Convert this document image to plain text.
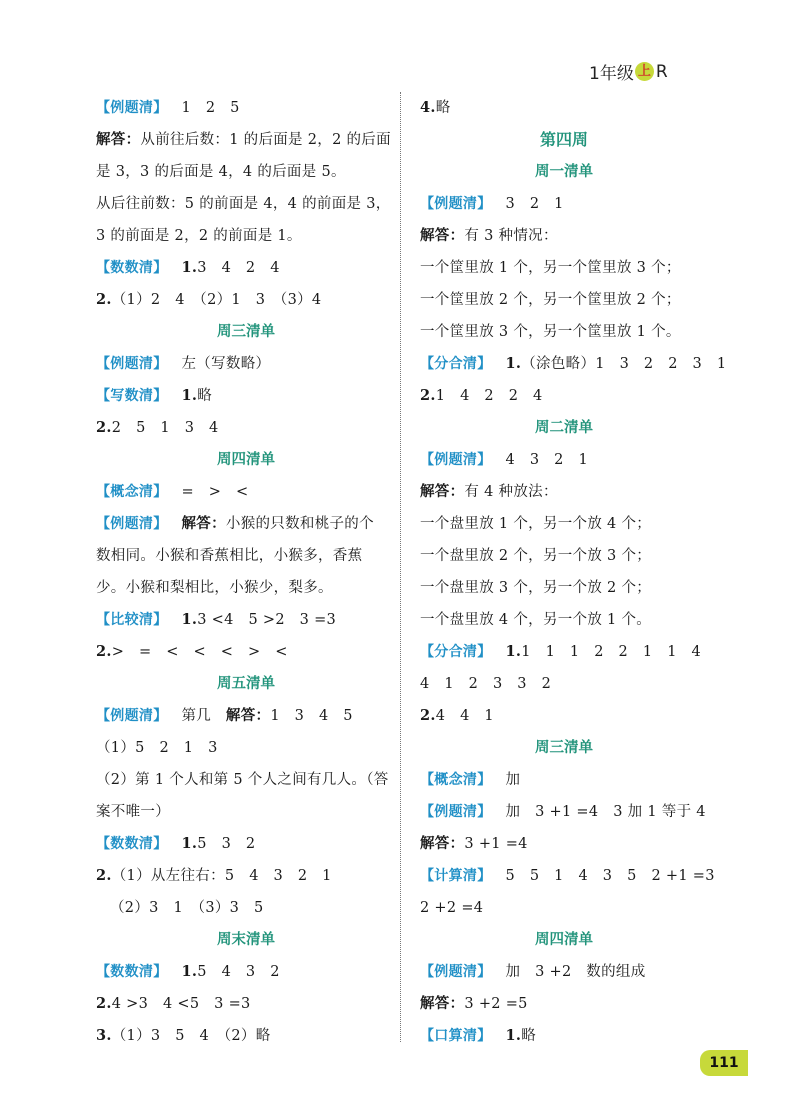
1年级 上 R
【例题清】 1　2　5
解答：从前往后数：1 的后面是 2，2 的后面
是 3，3 的后面是 4，4 的后面是 5。
从后往前数：5 的前面是 4，4 的前面是 3，
3 的前面是 2，2 的前面是 1。
【数数清】 1.3　4　2　4
2.（1）2　4　（2）1　3　（3）4
周三清单
【例题清】 左（写数略）
【写数清】 1.略
2.2　5　1　3　4
周四清单
【概念清】 =　>　<
【例题清】 解答：小猴的只数和桃子的个
数相同。小猴和香蕉相比，小猴多，香蕉
少。小猴和梨相比，小猴少，梨多。
【比较清】 1.3 <4　5 >2　3 =3
2.>　=　<　<　<　>　<
周五清单
【例题清】 第几　解答：1　3　4　5
（1）5　2　1　3
（2）第 1 个人和第 5 个人之间有几人。（答
案不唯一）
【数数清】 1.5　3　2
2.（1）从左往右：5　4　3　2　1
（2）3　1　（3）3　5
周末清单
【数数清】 1.5　4　3　2
2.4 >3　4 <5　3 =3
3.（1）3　5　4　（2）略
4.略
第四周
周一清单
【例题清】 3　2　1
解答：有 3 种情况：
一个筐里放 1 个，另一个筐里放 3 个；
一个筐里放 2 个，另一个筐里放 2 个；
一个筐里放 3 个，另一个筐里放 1 个。
【分合清】 1.（涂色略）1　3　2　2　3　1
2.1　4　2　2　4
周二清单
【例题清】 4　3　2　1
解答：有 4 种放法：
一个盘里放 1 个，另一个放 4 个；
一个盘里放 2 个，另一个放 3 个；
一个盘里放 3 个，另一个放 2 个；
一个盘里放 4 个，另一个放 1 个。
【分合清】 1.1　1　1　2　2　1　1　4
4　1　2　3　3　2
2.4　4　1
周三清单
【概念清】 加
【例题清】 加　3 +1 =4　3 加 1 等于 4
解答：3 +1 =4
【计算清】 5　5　1　4　3　5　2 +1 =3
2 +2 =4
周四清单
【例题清】 加　3 +2　数的组成
解答：3 +2 =5
【口算清】 1.略
111
